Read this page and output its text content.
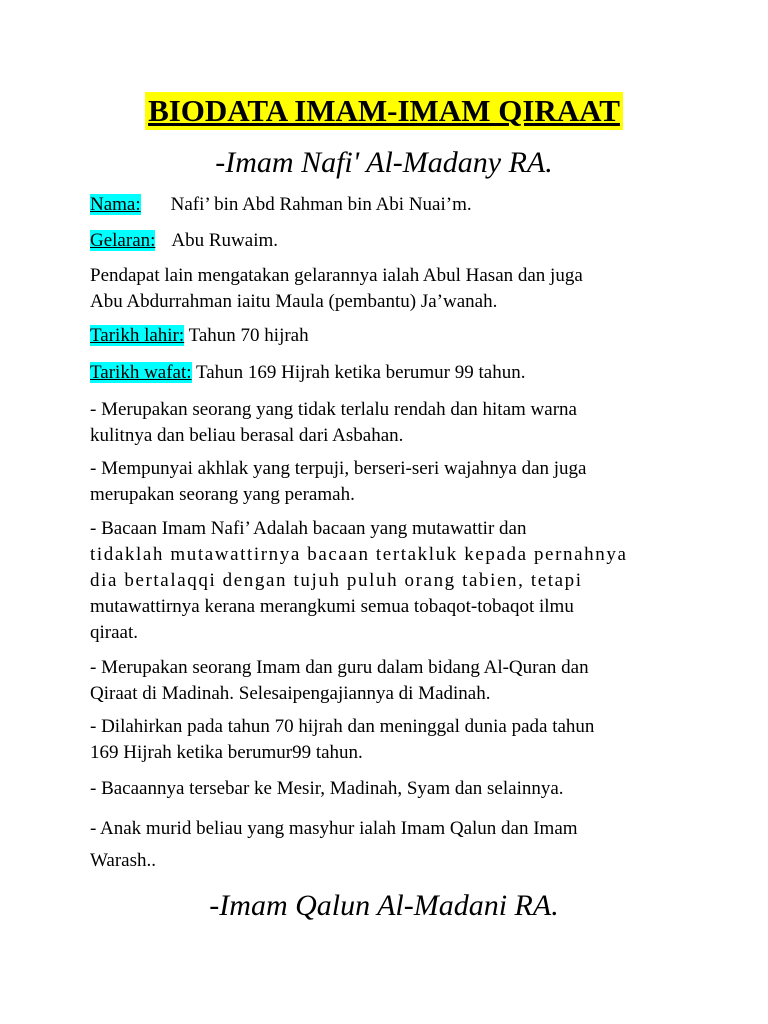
BIODATA IMAM-IMAM QIRAAT
-Imam Nafi' Al-Madany RA.
Nama: Nafi’ bin Abd Rahman bin Abi Nuai’m.
Gelaran: Abu Ruwaim.
Pendapat lain mengatakan gelarannya ialah Abul Hasan dan juga
Abu Abdurrahman iaitu Maula (pembantu) Ja’wanah.
Tarikh lahir: Tahun 70 hijrah
Tarikh wafat: Tahun 169 Hijrah ketika berumur 99 tahun.
- Merupakan seorang yang tidak terlalu rendah dan hitam warna
kulitnya dan beliau berasal dari Asbahan.
- Mempunyai akhlak yang terpuji, berseri-seri wajahnya dan juga
merupakan seorang yang peramah.
- Bacaan Imam Nafi’ Adalah bacaan yang mutawattir dan
tidaklah mutawattirnya bacaan tertakluk kepada pernahnya
dia bertalaqqi dengan tujuh puluh orang tabien, tetapi
mutawattirnya kerana merangkumi semua tobaqot-tobaqot ilmu
qiraat.
- Merupakan seorang Imam dan guru dalam bidang Al-Quran dan
Qiraat di Madinah. Selesaipengajiannya di Madinah.
- Dilahirkan pada tahun 70 hijrah dan meninggal dunia pada tahun
169 Hijrah ketika berumur99 tahun.
- Bacaannya tersebar ke Mesir, Madinah, Syam dan selainnya.
- Anak murid beliau yang masyhur ialah Imam Qalun dan Imam
Warash..
-Imam Qalun Al-Madani RA.
